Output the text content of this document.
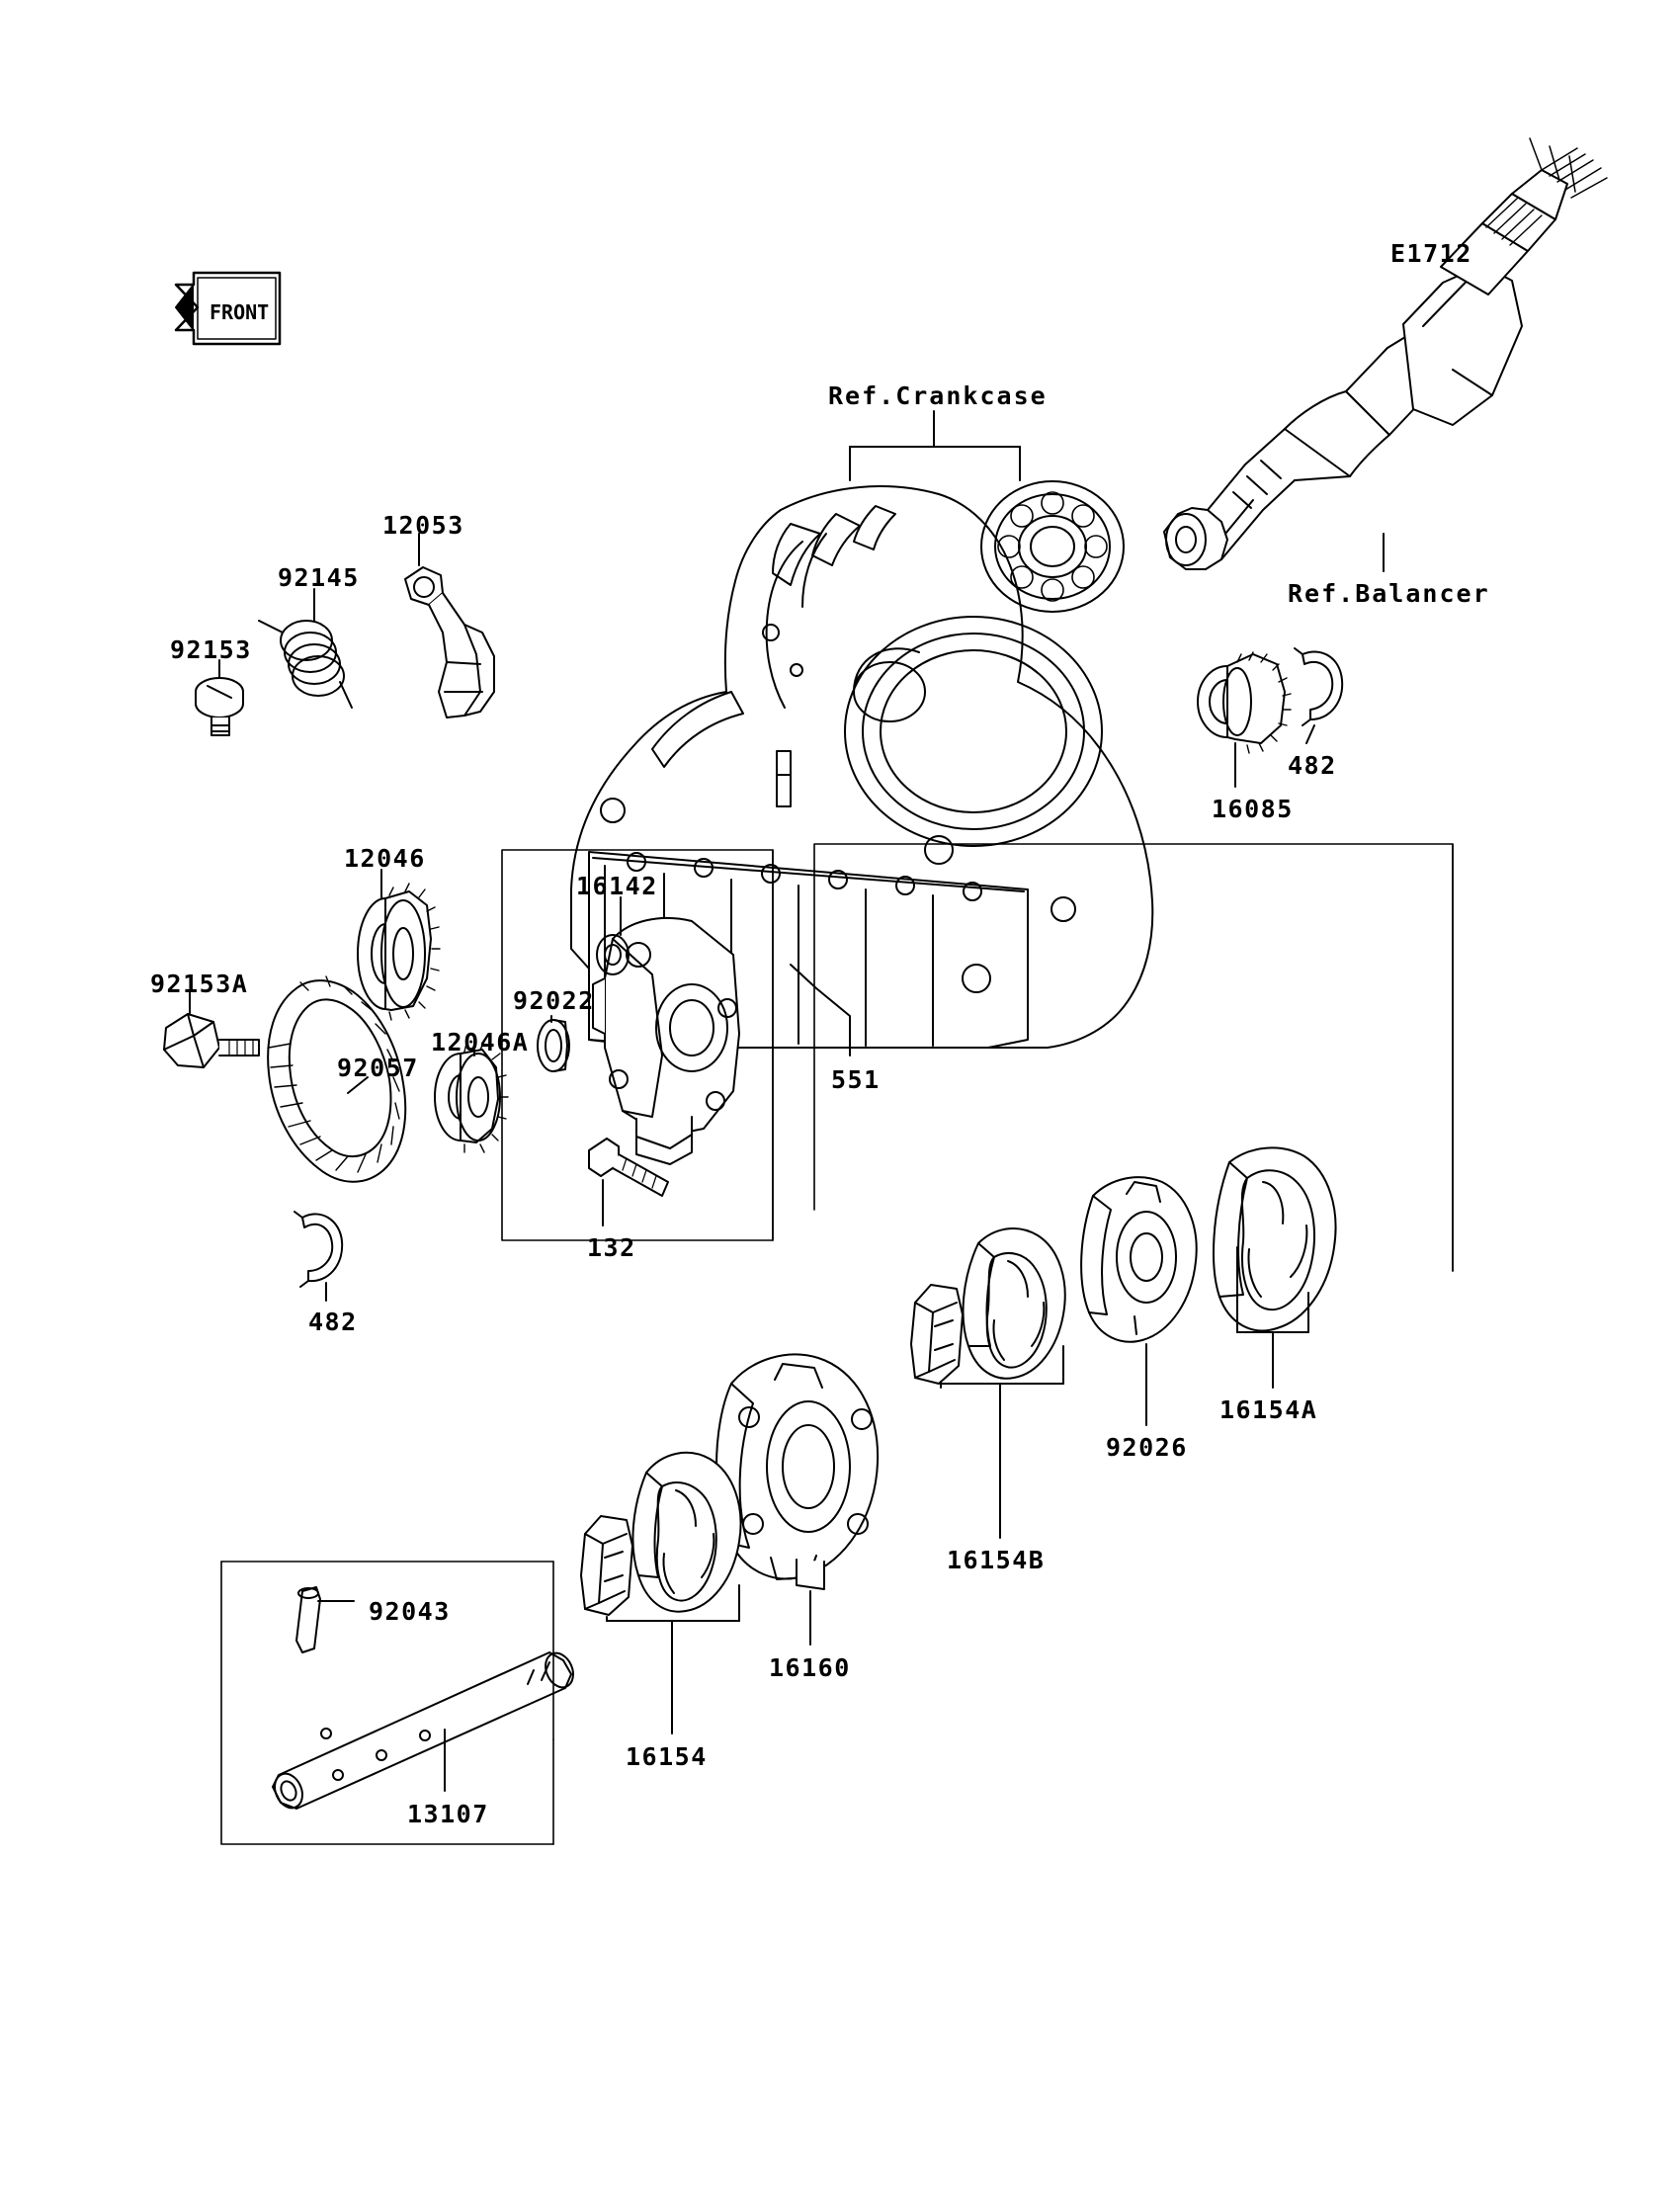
E1712
FRONT
Ref.Crankcase
Ref.Balancer
12053
92145
92153
12046
16142
92153A
92022
12046A
92057	551
132
482
16085
482
16154A
92026
16154B
16160
16154
92043
13107
